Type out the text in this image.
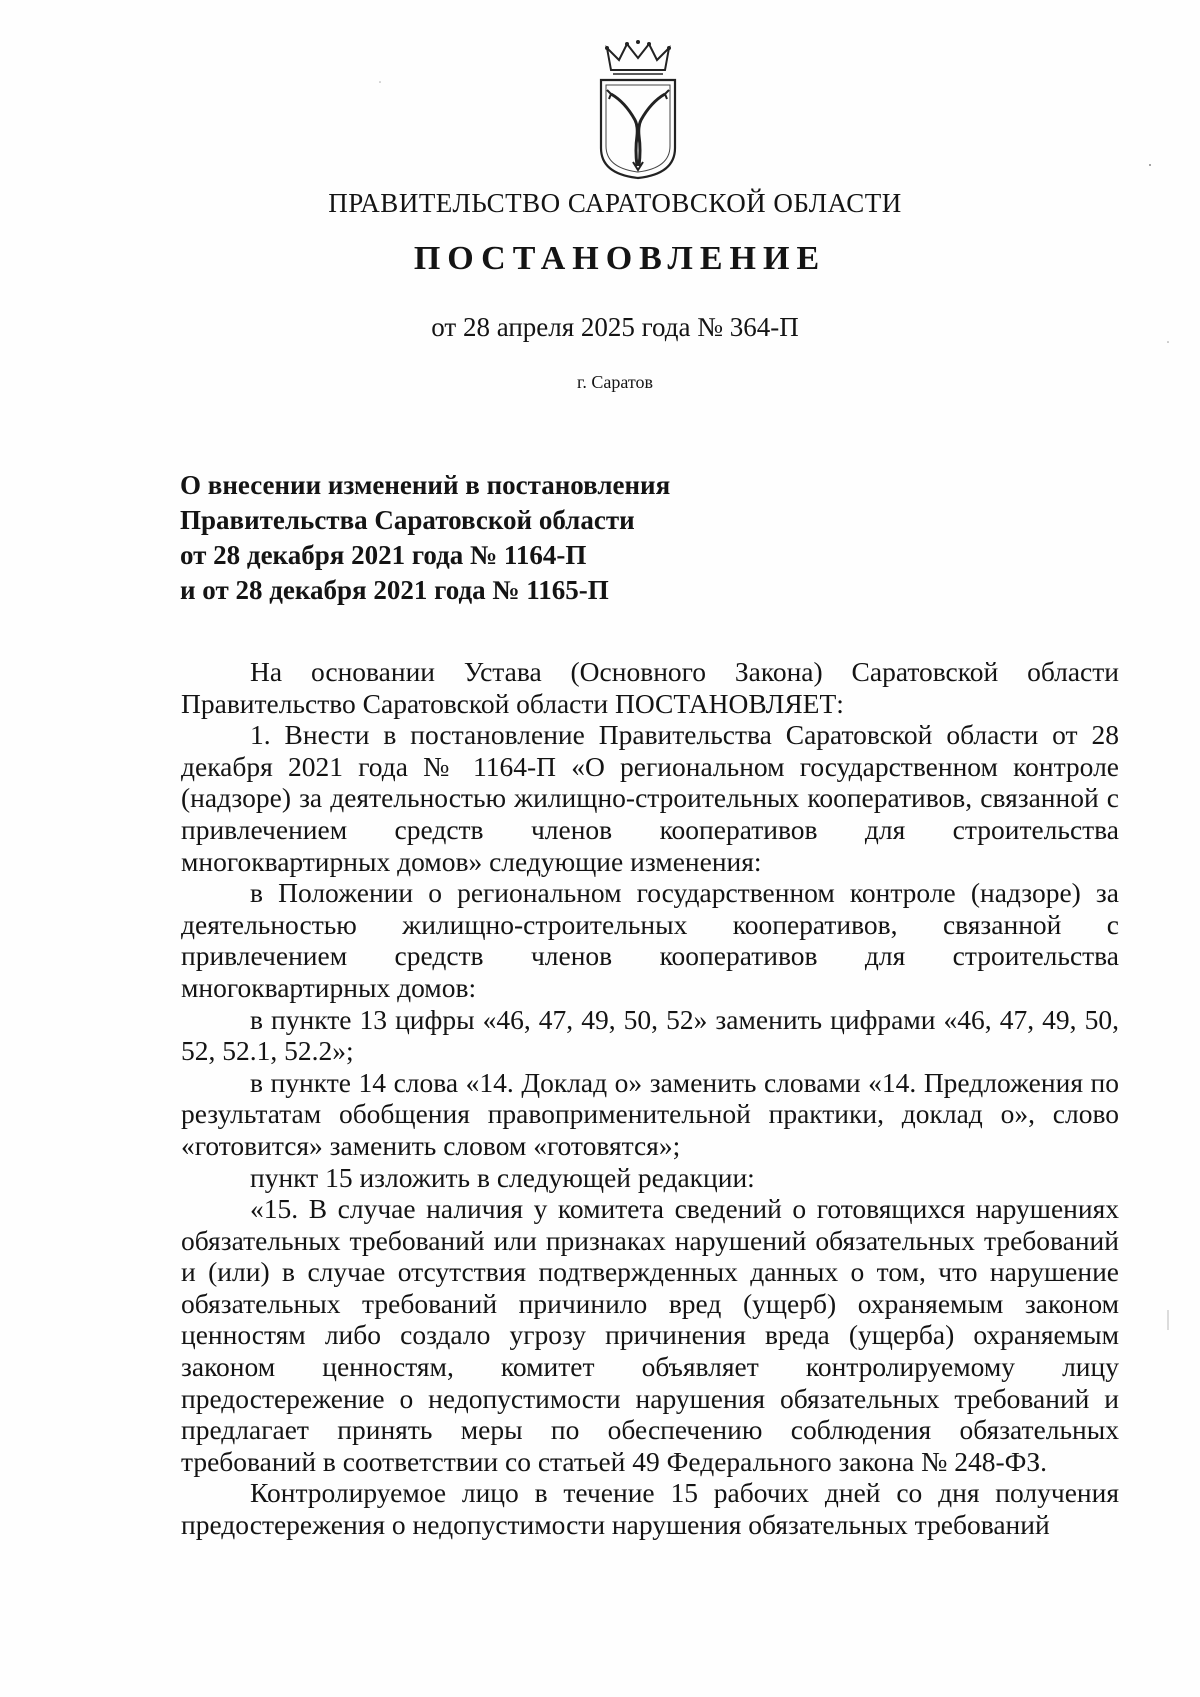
ПРАВИТЕЛЬСТВО САРАТОВСКОЙ ОБЛАСТИ
ПОСТАНОВЛЕНИЕ
от 28 апреля 2025 года № 364-П
г. Саратов
О внесении изменений в постановления
Правительства Саратовской области
от 28 декабря 2021 года № 1164-П
и от 28 декабря 2021 года № 1165-П

На основании Устава (Основного Закона) Саратовской области Правительство Саратовской области ПОСТАНОВЛЯЕТ:

1. Внести в постановление Правительства Саратовской области от 28 декабря 2021 года № 1164-П «О региональном государственном контроле (надзоре) за деятельностью жилищно-строительных кооперативов, связанной с привлечением средств членов кооперативов для строительства многоквартирных домов» следующие изменения:

в Положении о региональном государственном контроле (надзоре) за деятельностью жилищно-строительных кооперативов, связанной с привлечением средств членов кооперативов для строительства многоквартирных домов:

в пункте 13 цифры «46, 47, 49, 50, 52» заменить цифрами «46, 47, 49, 50, 52, 52.1, 52.2»;

в пункте 14 слова «14. Доклад о» заменить словами «14. Предложения по результатам обобщения правоприменительной практики, доклад о», слово «готовится» заменить словом «готовятся»;

пункт 15 изложить в следующей редакции:

«15. В случае наличия у комитета сведений о готовящихся нарушениях обязательных требований или признаках нарушений обязательных требований и (или) в случае отсутствия подтвержденных данных о том, что нарушение обязательных требований причинило вред (ущерб) охраняемым законом ценностям либо создало угрозу причинения вреда (ущерба) охраняемым законом ценностям, комитет объявляет контролируемому лицу предостережение о недопустимости нарушения обязательных требований и предлагает принять меры по обеспечению соблюдения обязательных требований в соответствии со статьей 49 Федерального закона № 248-ФЗ.

Контролируемое лицо в течение 15 рабочих дней со дня получения предостережения о недопустимости нарушения обязательных требований
